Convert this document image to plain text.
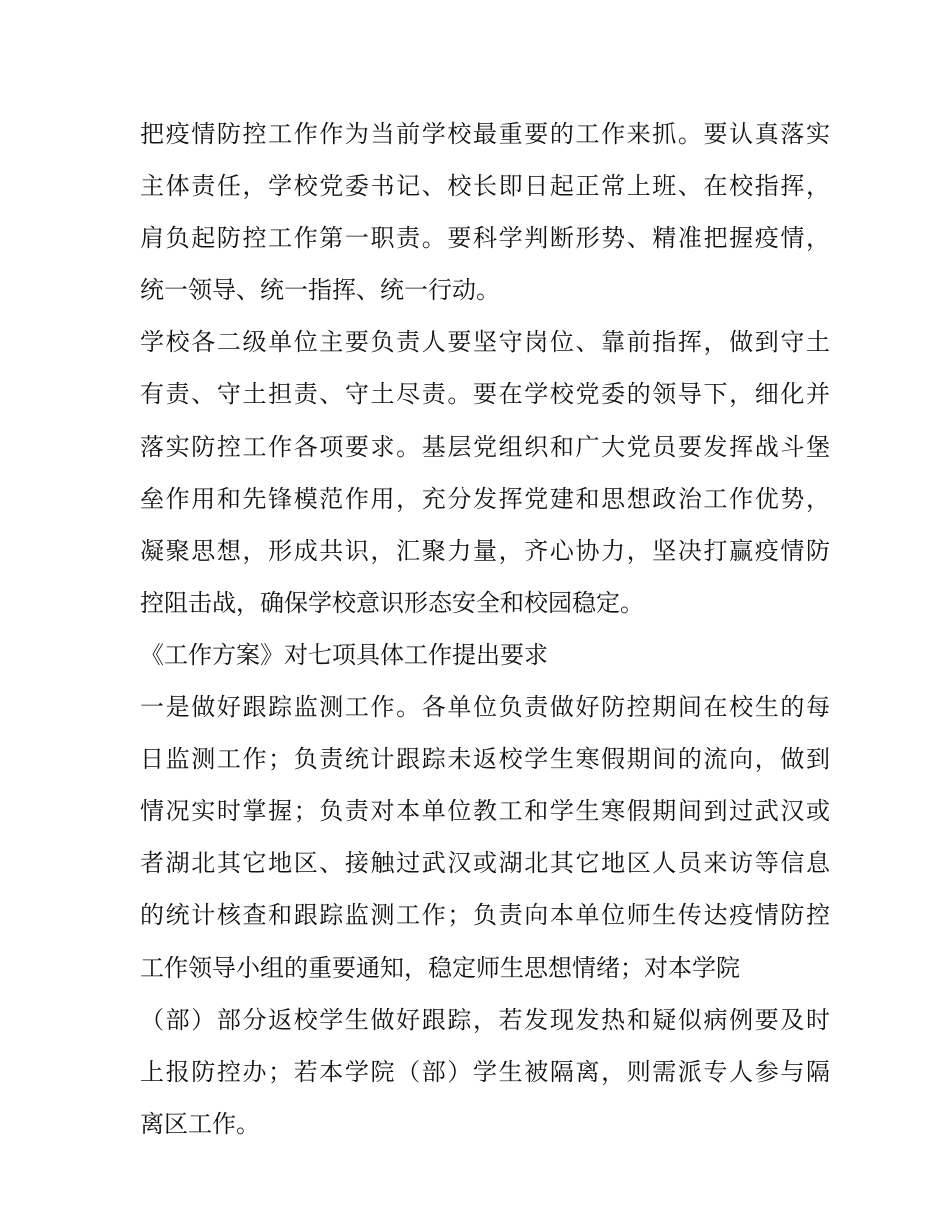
把疫情防控工作作为当前学校最重要的工作来抓。要认真落实
主体责任，学校党委书记、校长即日起正常上班、在校指挥，
肩负起防控工作第一职责。要科学判断形势、精准把握疫情，
统一领导、统一指挥、统一行动。
学校各二级单位主要负责人要坚守岗位、靠前指挥，做到守土
有责、守土担责、守土尽责。要在学校党委的领导下，细化并
落实防控工作各项要求。基层党组织和广大党员要发挥战斗堡
垒作用和先锋模范作用，充分发挥党建和思想政治工作优势，
凝聚思想，形成共识，汇聚力量，齐心协力，坚决打赢疫情防
控阻击战，确保学校意识形态安全和校园稳定。
《工作方案》对七项具体工作提出要求
一是做好跟踪监测工作。各单位负责做好防控期间在校生的每
日监测工作；负责统计跟踪未返校学生寒假期间的流向，做到
情况实时掌握；负责对本单位教工和学生寒假期间到过武汉或
者湖北其它地区、接触过武汉或湖北其它地区人员来访等信息
的统计核查和跟踪监测工作；负责向本单位师生传达疫情防控
工作领导小组的重要通知，稳定师生思想情绪；对本学院
（部）部分返校学生做好跟踪，若发现发热和疑似病例要及时
上报防控办；若本学院（部）学生被隔离，则需派专人参与隔
离区工作。
